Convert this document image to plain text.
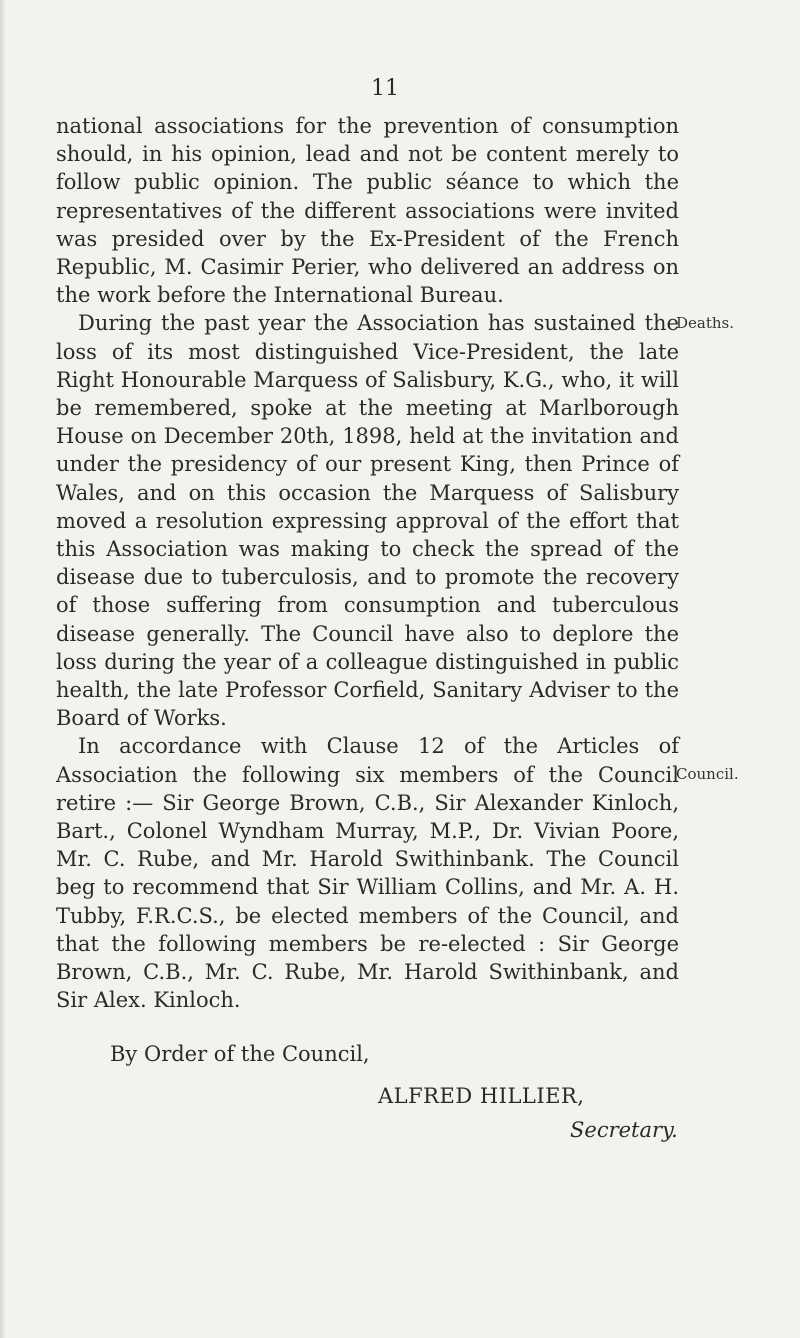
11

national associations for the prevention of consumption should, in his opinion, lead and not be content merely to follow public opinion. The public séance to which the representatives of the different associations were invited was presided over by the Ex-President of the French Republic, M. Casimir Perier, who delivered an address on the work before the International Bureau.

During the past year the Association has sustained the loss of its most distinguished Vice-President, the late Right Honourable Marquess of Salisbury, K.G., who, it will be remembered, spoke at the meeting at Marlborough House on December 20th, 1898, held at the invitation and under the presidency of our present King, then Prince of Wales, and on this occasion the Marquess of Salisbury moved a resolution expressing approval of the effort that this Association was making to check the spread of the disease due to tuberculosis, and to promote the recovery of those suffering from consumption and tuberculous disease generally. The Council have also to deplore the loss during the year of a colleague distinguished in public health, the late Professor Corfield, Sanitary Adviser to the Board of Works.

In accordance with Clause 12 of the Articles of Association the following six members of the Council retire :— Sir George Brown, C.B., Sir Alexander Kinloch, Bart., Colonel Wyndham Murray, M.P., Dr. Vivian Poore, Mr. C. Rube, and Mr. Harold Swithinbank. The Council beg to recommend that Sir William Collins, and Mr. A. H. Tubby, F.R.C.S., be elected members of the Council, and that the following members be re-elected : Sir George Brown, C.B., Mr. C. Rube, Mr. Harold Swithinbank, and Sir Alex. Kinloch.

Deaths.
Council.
By Order of the Council,
ALFRED HILLIER,
Secretary.
